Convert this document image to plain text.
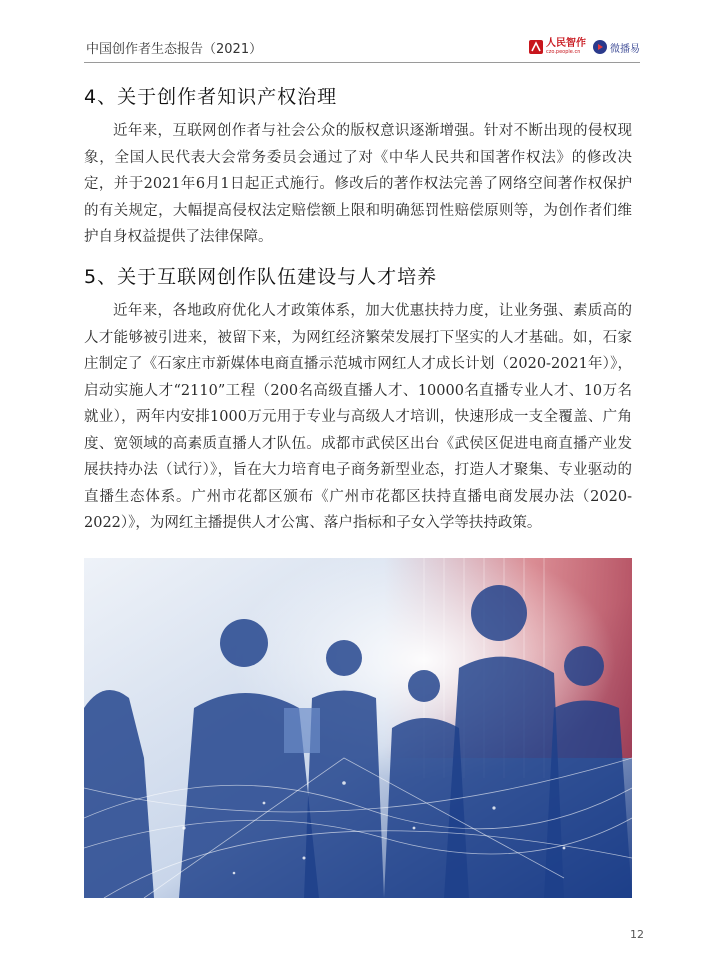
中国创作者生态报告（2021）	人民智作
czo.people.cn	微播易
4、关于创作者知识产权治理

近年来，互联网创作者与社会公众的版权意识逐渐增强。针对不断出现的侵权现象，全国人民代表大会常务委员会通过了对《中华人民共和国著作权法》的修改决定，并于2021年6月1日起正式施行。修改后的著作权法完善了网络空间著作权保护的有关规定，大幅提高侵权法定赔偿额上限和明确惩罚性赔偿原则等，为创作者们维护自身权益提供了法律保障。

5、关于互联网创作队伍建设与人才培养

近年来，各地政府优化人才政策体系，加大优惠扶持力度，让业务强、素质高的人才能够被引进来，被留下来，为网红经济繁荣发展打下坚实的人才基础。如，石家庄制定了《石家庄市新媒体电商直播示范城市网红人才成长计划（2020-2021年）》，启动实施人才“2110”工程（200名高级直播人才、10000名直播专业人才、10万名就业），两年内安排1000万元用于专业与高级人才培训，快速形成一支全覆盖、广角度、宽领域的高素质直播人才队伍。成都市武侯区出台《武侯区促进电商直播产业发展扶持办法（试行）》，旨在大力培育电子商务新型业态，打造人才聚集、专业驱动的直播生态体系。广州市花都区颁布《广州市花都区扶持直播电商发展办法（2020-2022）》，为网红主播提供人才公寓、落户指标和子女入学等扶持政策。

12
